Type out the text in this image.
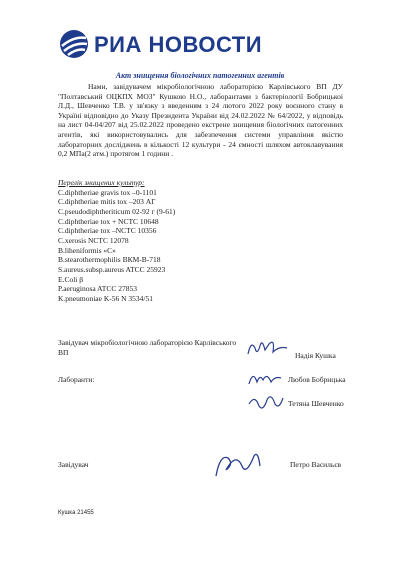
РИА НОВОСТИ
Акт знищення біологічних патогенних агентів

Нами, завідувачем мікробіологічною лабораторією Карлівського ВП ДУ "Полтавський ОЦКПХ МОЗ" Кушкою Н.О., лаборантами з бактеріології Бобрицькоі Л.Д., Шевченко Т.В. у зв'язку з введенням з 24 лютого 2022 року воєнного стану в Україні відповідно до Указу Президента України від 24.02.2022 № 64/2022, у відповідь на лист 04-04/207 від 25.02.2022 проведено екстрене знищення біологічних патогенних агентів, які використовувались для забезпечення системи управління якістю лабораторних досліджень в кількості 12 культури - 24 ємності шляхом автоклавування 0,2 МПа(2 атм.) протягом 1 години .

Перелік знищених культур:
C.diphtheriae gravis tox –0-1101
C.diphtheriae mitis tox –203 АГ
C.pseudodiphtheriticum 02-92 г (9-61)
C.diphtheriae tox + NCTC 10648
C.diphtheriae tox –NCTC 10356
C.xerosis NCTC 12078
B.liheniformis «C»
B.stearothermophilis ВКМ-В-718
S.aureus.subsp.aureus ATCC 25923
E.Coli β
P.aeruginosa ATCC 27853
K.pneumoniae K-56 N 3534/51
Завідувач мікробіологічною лабораторією Карлівського ВП	Надія Кушка
Лаборанти:	Любов Бобрицька
Тетяна Шевченко
Завідувач	Петро Васильєв
Кушка 21455
